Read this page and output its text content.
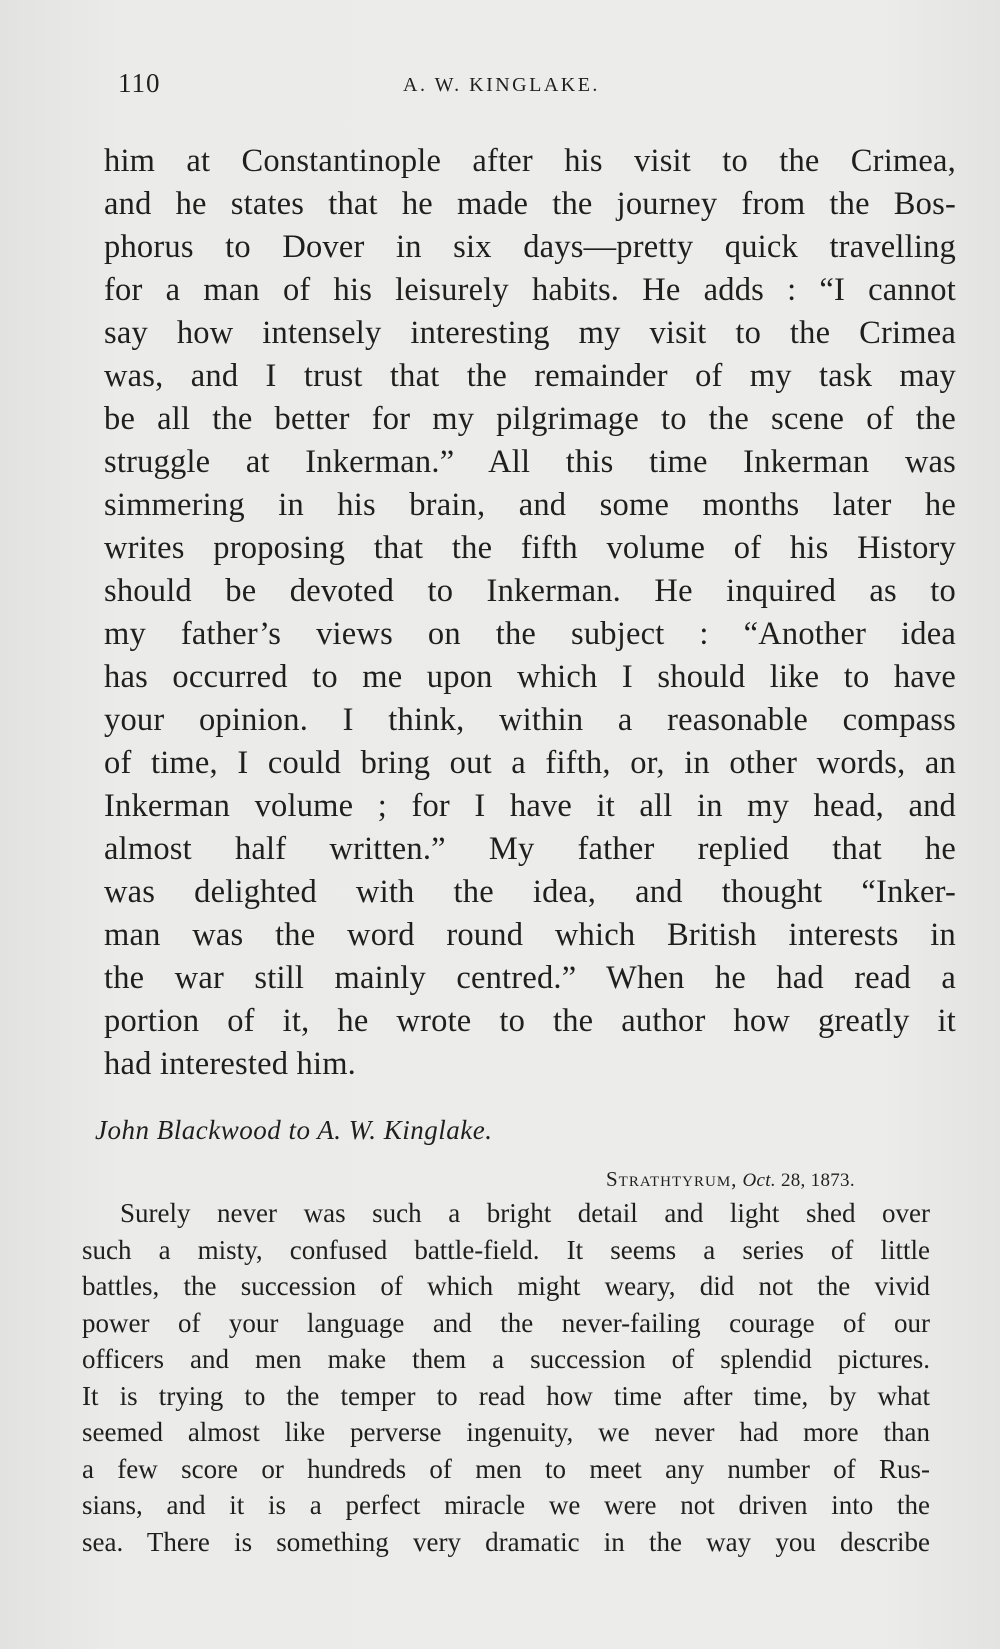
110	A. W. KINGLAKE.
him at Constantinople after his visit to the Crimea,
and he states that he made the journey from the Bos-
phorus to Dover in six days—pretty quick travelling
for a man of his leisurely habits. He adds : “I cannot
say how intensely interesting my visit to the Crimea
was, and I trust that the remainder of my task may
be all the better for my pilgrimage to the scene of the
struggle at Inkerman.” All this time Inkerman was
simmering in his brain, and some months later he
writes proposing that the fifth volume of his History
should be devoted to Inkerman. He inquired as to
my father’s views on the subject : “Another idea
has occurred to me upon which I should like to have
your opinion. I think, within a reasonable compass
of time, I could bring out a fifth, or, in other words, an
Inkerman volume ; for I have it all in my head, and
almost half written.” My father replied that he
was delighted with the idea, and thought “Inker-
man was the word round which British interests in
the war still mainly centred.” When he had read a
portion of it, he wrote to the author how greatly it
had interested him.
John Blackwood to A. W. Kinglake.
Strathtyrum, Oct. 28, 1873.
Surely never was such a bright detail and light shed over
such a misty, confused battle-field. It seems a series of little
battles, the succession of which might weary, did not the vivid
power of your language and the never-failing courage of our
officers and men make them a succession of splendid pictures.
It is trying to the temper to read how time after time, by what
seemed almost like perverse ingenuity, we never had more than
a few score or hundreds of men to meet any number of Rus-
sians, and it is a perfect miracle we were not driven into the
sea. There is something very dramatic in the way you describe
